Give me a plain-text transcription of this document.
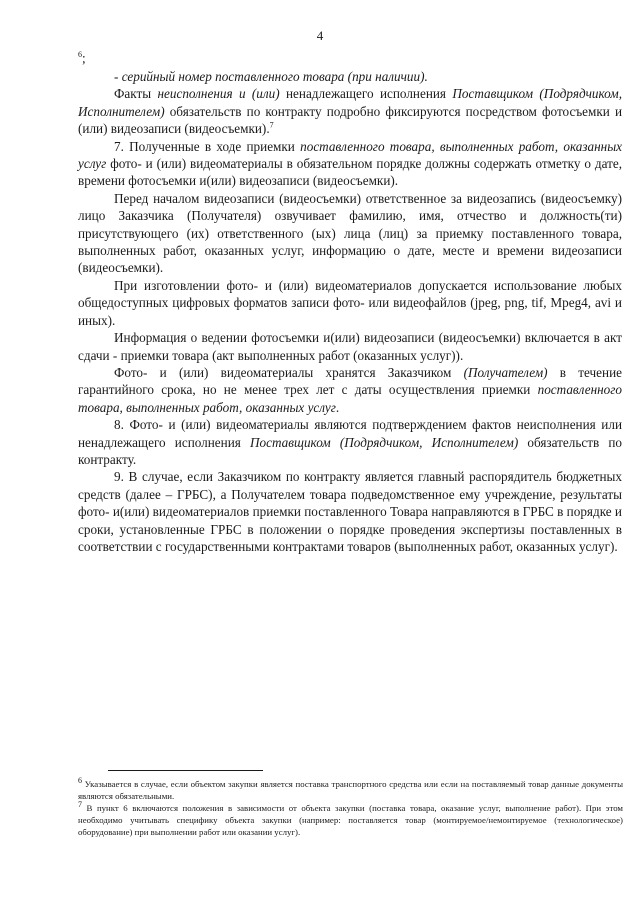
4
$^6$;

- серийный номер поставленного товара (при наличии).

Факты неисполнения и (или) ненадлежащего исполнения Поставщиком (Подрядчиком, Исполнителем) обязательств по контракту подробно фиксируются посредством фотосъемки и (или) видеозаписи (видеосъемки).$^7$

7. Полученные в ходе приемки поставленного товара, выполненных работ, оказанных услуг фото- и (или) видеоматериалы в обязательном порядке должны содержать отметку о дате, времени фотосъемки и(или) видеозаписи (видеосъемки).

Перед началом видеозаписи (видеосъемки) ответственное за видеозапись (видеосъемку) лицо Заказчика (Получателя) озвучивает фамилию, имя, отчество и должность(ти) присутствующего (их) ответственного (ых) лица (лиц) за приемку поставленного товара, выполненных работ, оказанных услуг, информацию о дате, месте и времени видеозаписи (видеосъемки).

При изготовлении фото- и (или) видеоматериалов допускается использование любых общедоступных цифровых форматов записи фото- или видеофайлов (jpeg, png, tif, Mpeg4, avi и иных).

Информация о ведении фотосъемки и(или) видеозаписи (видеосъемки) включается в акт сдачи - приемки товара (акт выполненных работ (оказанных услуг)).

Фото- и (или) видеоматериалы хранятся Заказчиком (Получателем) в течение гарантийного срока, но не менее трех лет с даты осуществления приемки поставленного товара, выполненных работ, оказанных услуг.

8. Фото- и (или) видеоматериалы являются подтверждением фактов неисполнения или ненадлежащего исполнения Поставщиком (Подрядчиком, Исполнителем) обязательств по контракту.

9. В случае, если Заказчиком по контракту является главный распорядитель бюджетных средств (далее – ГРБС), а Получателем товара подведомственное ему учреждение, результаты фото- и(или) видеоматериалов приемки поставленного Товара направляются в ГРБС в порядке и сроки, установленные ГРБС в положении о порядке проведения экспертизы поставленных в соответствии с государственными контрактами товаров (выполненных работ, оказанных услуг).

$^6$ Указывается в случае, если объектом закупки является поставка транспортного средства или если на поставляемый товар данные документы являются обязательными.

$^7$ В пункт 6 включаются положения в зависимости от объекта закупки (поставка товара, оказание услуг, выполнение работ). При этом необходимо учитывать специфику объекта закупки (например: поставляется товар (монтируемое/немонтируемое (технологическое) оборудование) при выполнении работ или оказании услуг).
